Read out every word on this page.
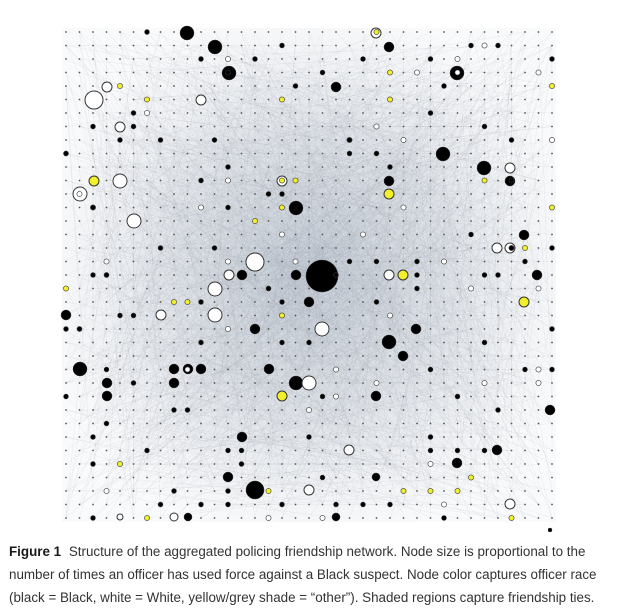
Figure 1 Structure of the aggregated policing friendship network. Node size is proportional to the number of times an officer has used force against a Black suspect. Node color captures officer race (black = Black, white = White, yellow/grey shade = “other”). Shaded regions capture friendship ties.
